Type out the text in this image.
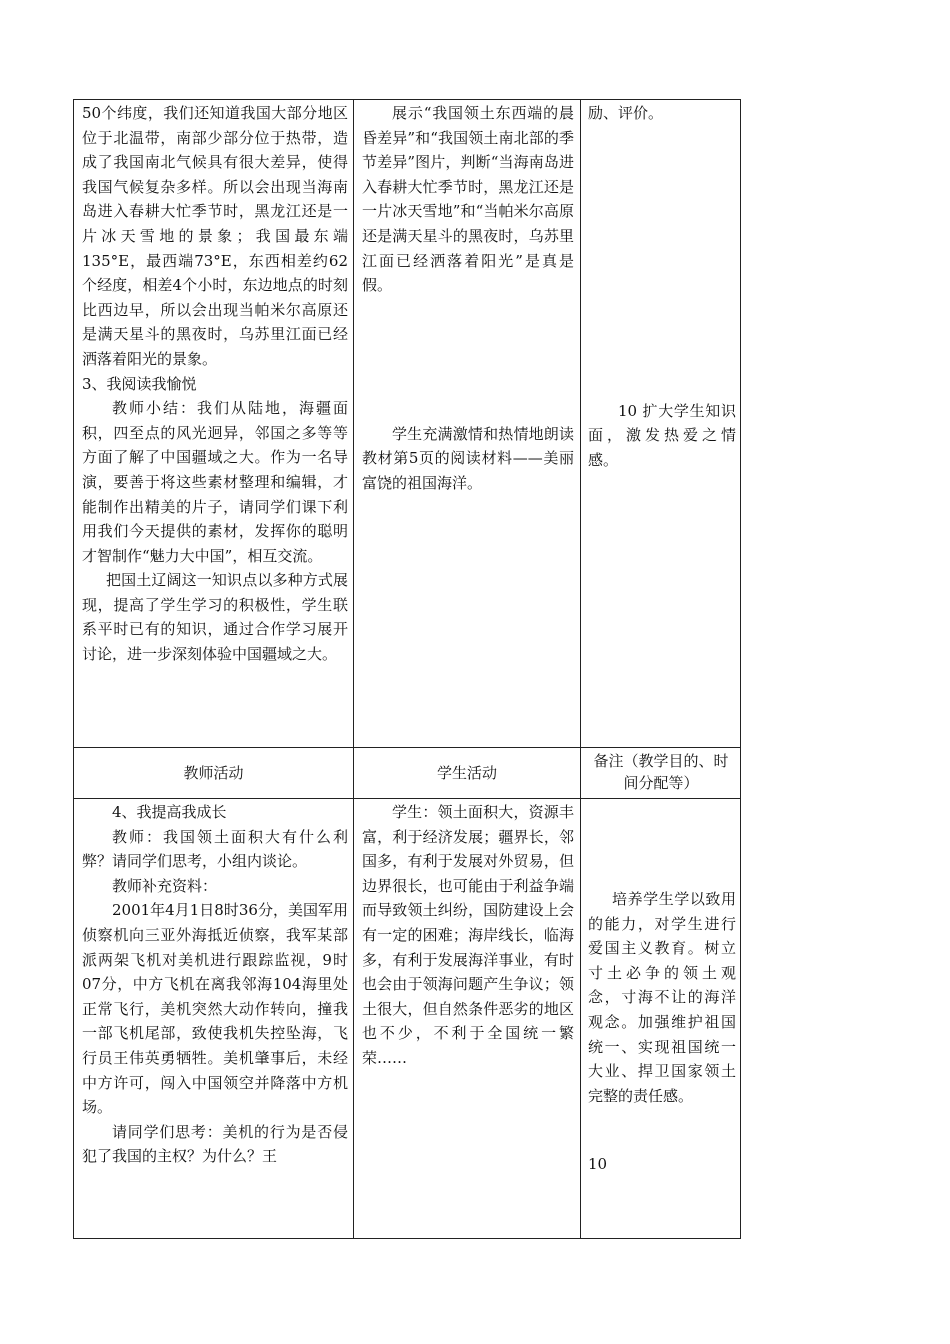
50个纬度，我们还知道我国大部分地区位于北温带，南部少部分位于热带，造成了我国南北气候具有很大差异，使得我国气候复杂多样。所以会出现当海南岛进入春耕大忙季节时，黑龙江还是一片冰天雪地的景象；我国最东端135°E，最西端73°E，东西相差约62个经度，相差4个小时，东边地点的时刻比西边早，所以会出现当帕米尔高原还是满天星斗的黑夜时，乌苏里江面已经洒落着阳光的景象。

3、我阅读我愉悦

教师小结：我们从陆地，海疆面积，四至点的风光迥异，邻国之多等等方面了解了中国疆域之大。作为一名导演，要善于将这些素材整理和编辑，才能制作出精美的片子，请同学们课下利用我们今天提供的素材，发挥你的聪明才智制作“魅力大中国”，相互交流。

把国土辽阔这一知识点以多种方式展现，提高了学生学习的积极性，学生联系平时已有的知识，通过合作学习展开讨论，进一步深刻体验中国疆域之大。

展示“我国领土东西端的晨昏差异”和“我国领土南北部的季节差异”图片，判断“当海南岛进入春耕大忙季节时，黑龙江还是一片冰天雪地”和“当帕米尔高原还是满天星斗的黑夜时，乌苏里江面已经洒落着阳光”是真是假。

学生充满激情和热情地朗读教材第5页的阅读材料——美丽富饶的祖国海洋。

励、评价。

10 扩大学生知识面，激发热爱之情感。

教师活动	学生活动
备注（教学目的、时间分配等）

4、我提高我成长

教师：我国领土面积大有什么利弊？请同学们思考，小组内谈论。

教师补充资料：

2001年4月1日8时36分，美国军用侦察机向三亚外海抵近侦察，我军某部派两架飞机对美机进行跟踪监视，9时07分，中方飞机在离我邻海104海里处正常飞行，美机突然大动作转向，撞我一部飞机尾部，致使我机失控坠海，飞行员王伟英勇牺牲。美机肇事后，未经中方许可，闯入中国领空并降落中方机场。

请同学们思考：美机的行为是否侵犯了我国的主权？为什么？王

学生：领土面积大，资源丰富，利于经济发展；疆界长，邻国多，有利于发展对外贸易，但边界很长，也可能由于利益争端而导致领土纠纷，国防建设上会有一定的困难；海岸线长，临海多，有利于发展海洋事业，有时也会由于领海问题产生争议；领土很大，但自然条件恶劣的地区也不少，不利于全国统一繁荣……

培养学生学以致用的能力，对学生进行爱国主义教育。树立寸土必争的领土观念，寸海不让的海洋观念。加强维护祖国统一、实现祖国统一大业、捍卫国家领土完整的责任感。

10
